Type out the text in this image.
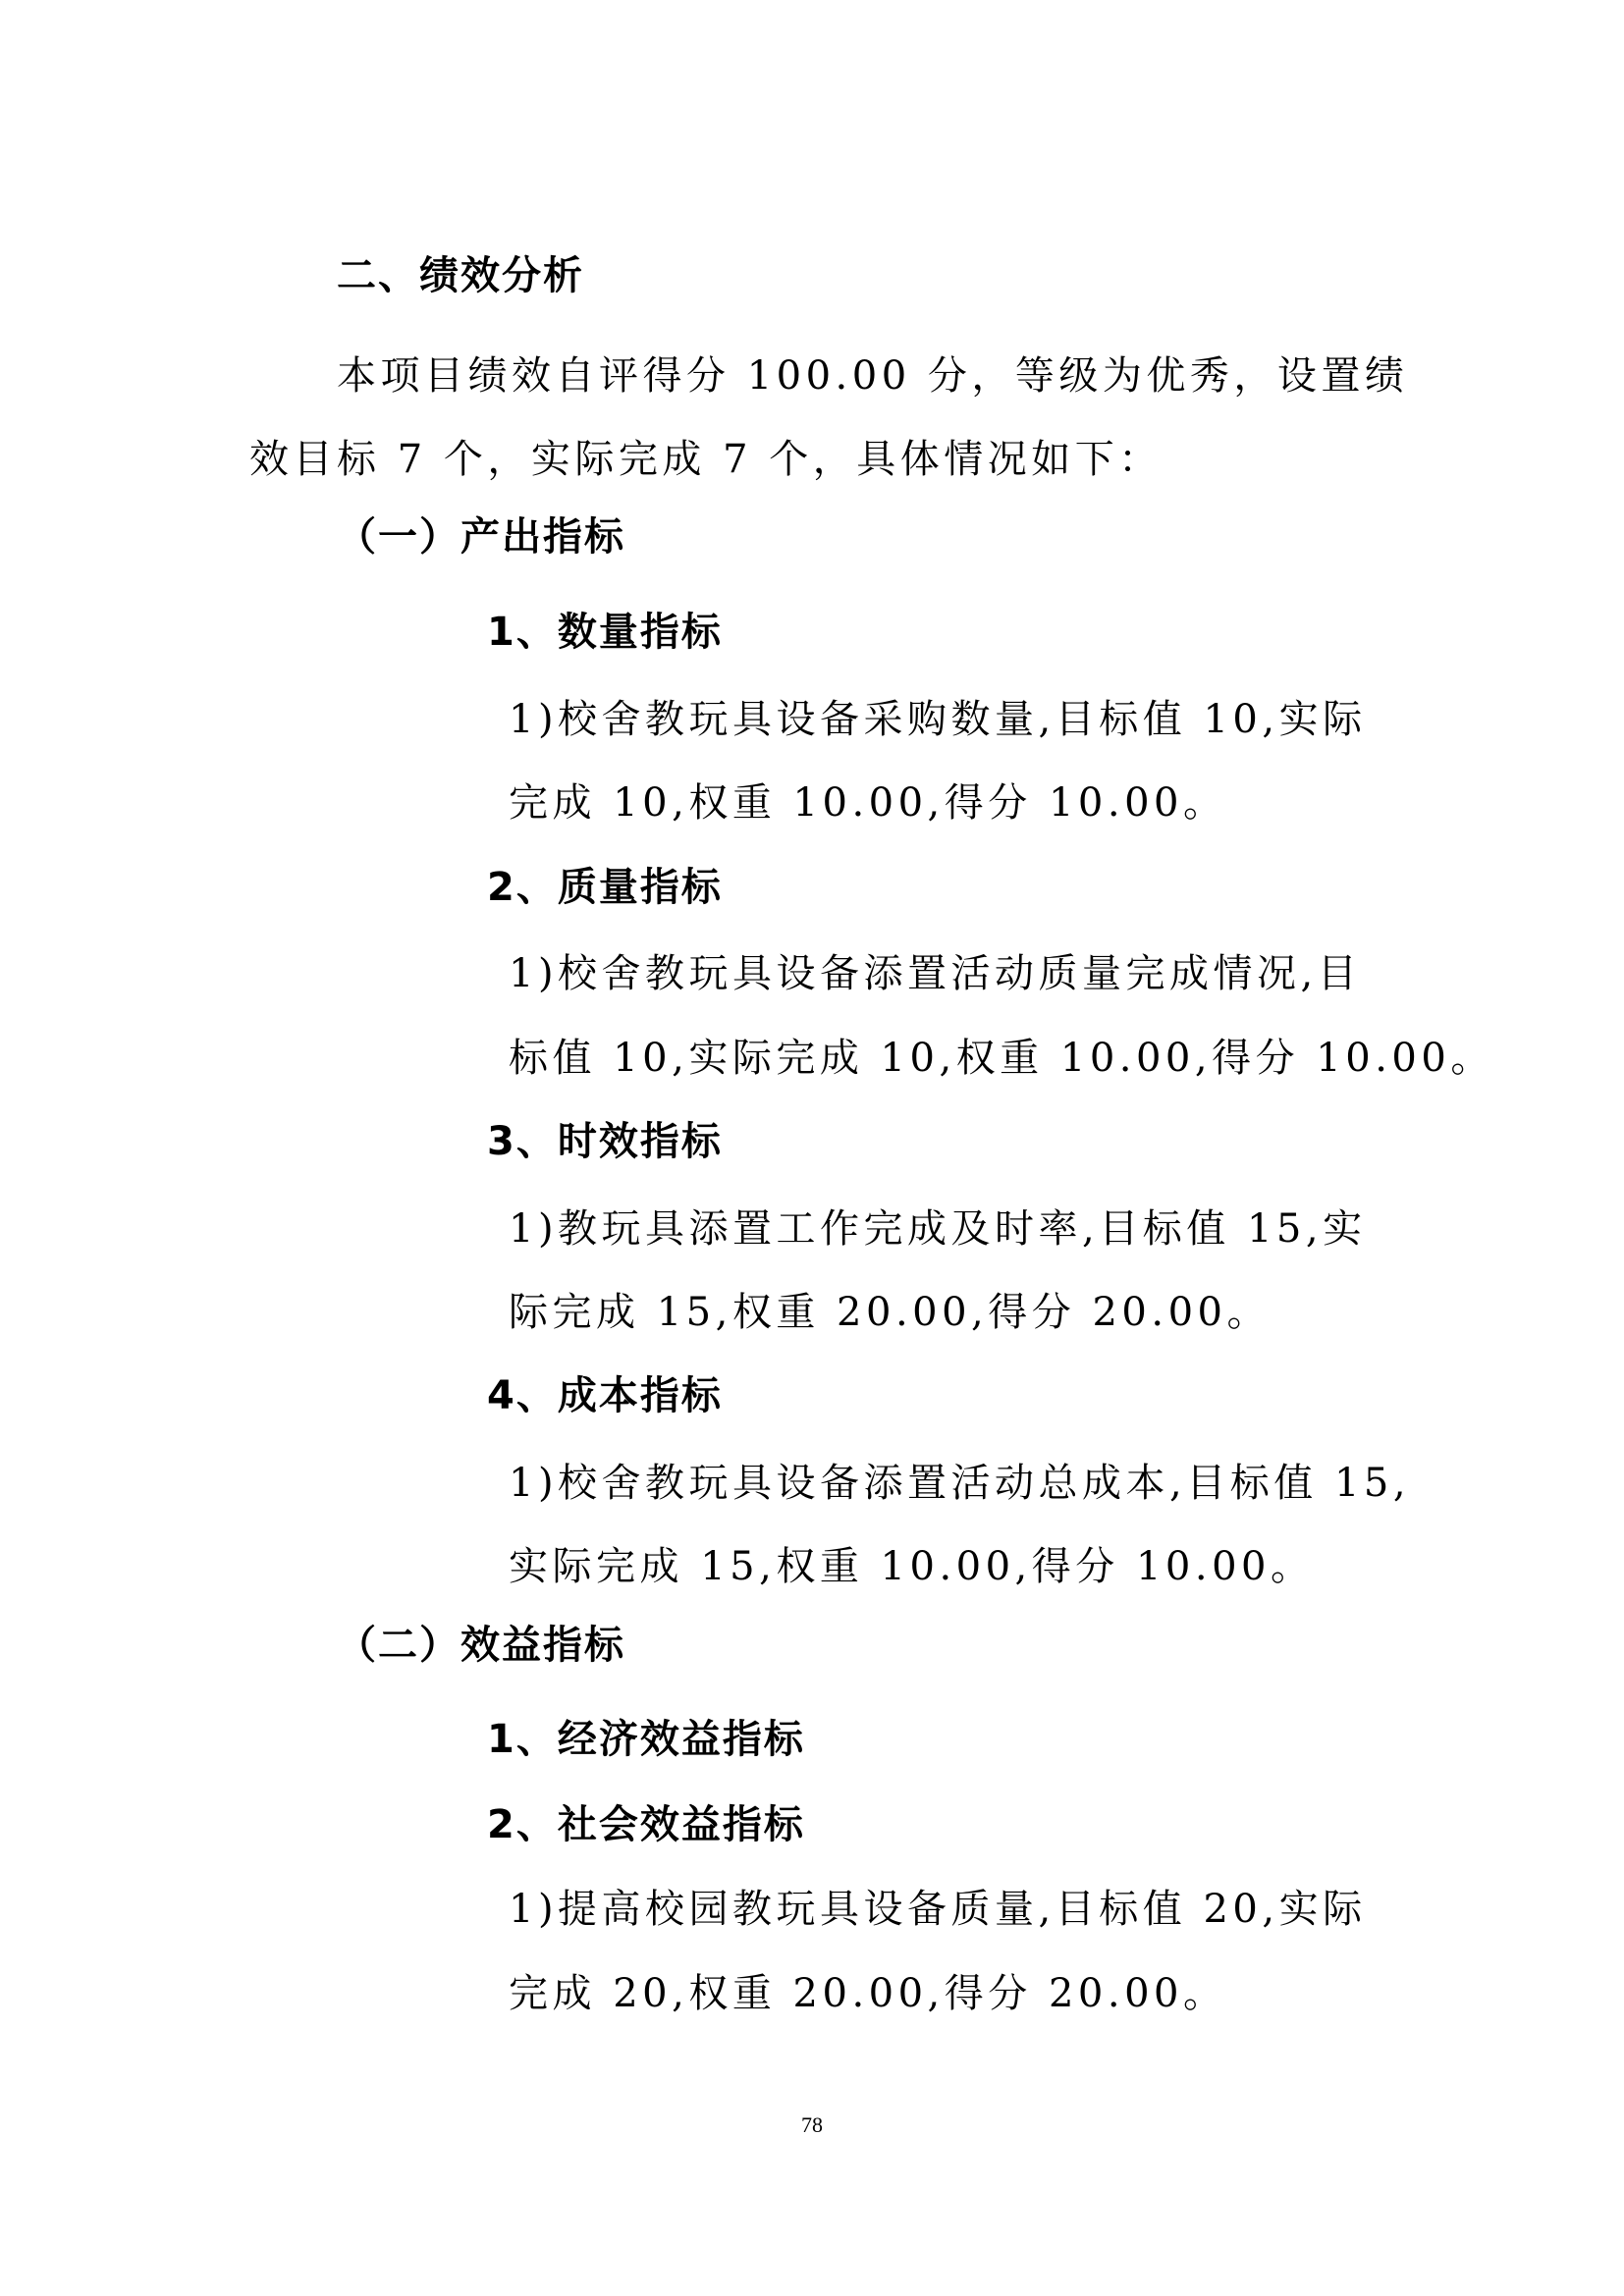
二、绩效分析

本项目绩效自评得分 100.00 分，等级为优秀，设置绩

效目标 7 个，实际完成 7 个，具体情况如下：

（一）产出指标
1、数量指标

1)校舍教玩具设备采购数量,目标值 10,实际

完成 10,权重 10.00,得分 10.00。

2、质量指标

1)校舍教玩具设备添置活动质量完成情况,目

标值 10,实际完成 10,权重 10.00,得分 10.00。

3、时效指标

1)教玩具添置工作完成及时率,目标值 15,实

际完成 15,权重 20.00,得分 20.00。

4、成本指标

1)校舍教玩具设备添置活动总成本,目标值 15,

实际完成 15,权重 10.00,得分 10.00。

（二）效益指标
1、经济效益指标
2、社会效益指标

1)提高校园教玩具设备质量,目标值 20,实际

完成 20,权重 20.00,得分 20.00。

78
